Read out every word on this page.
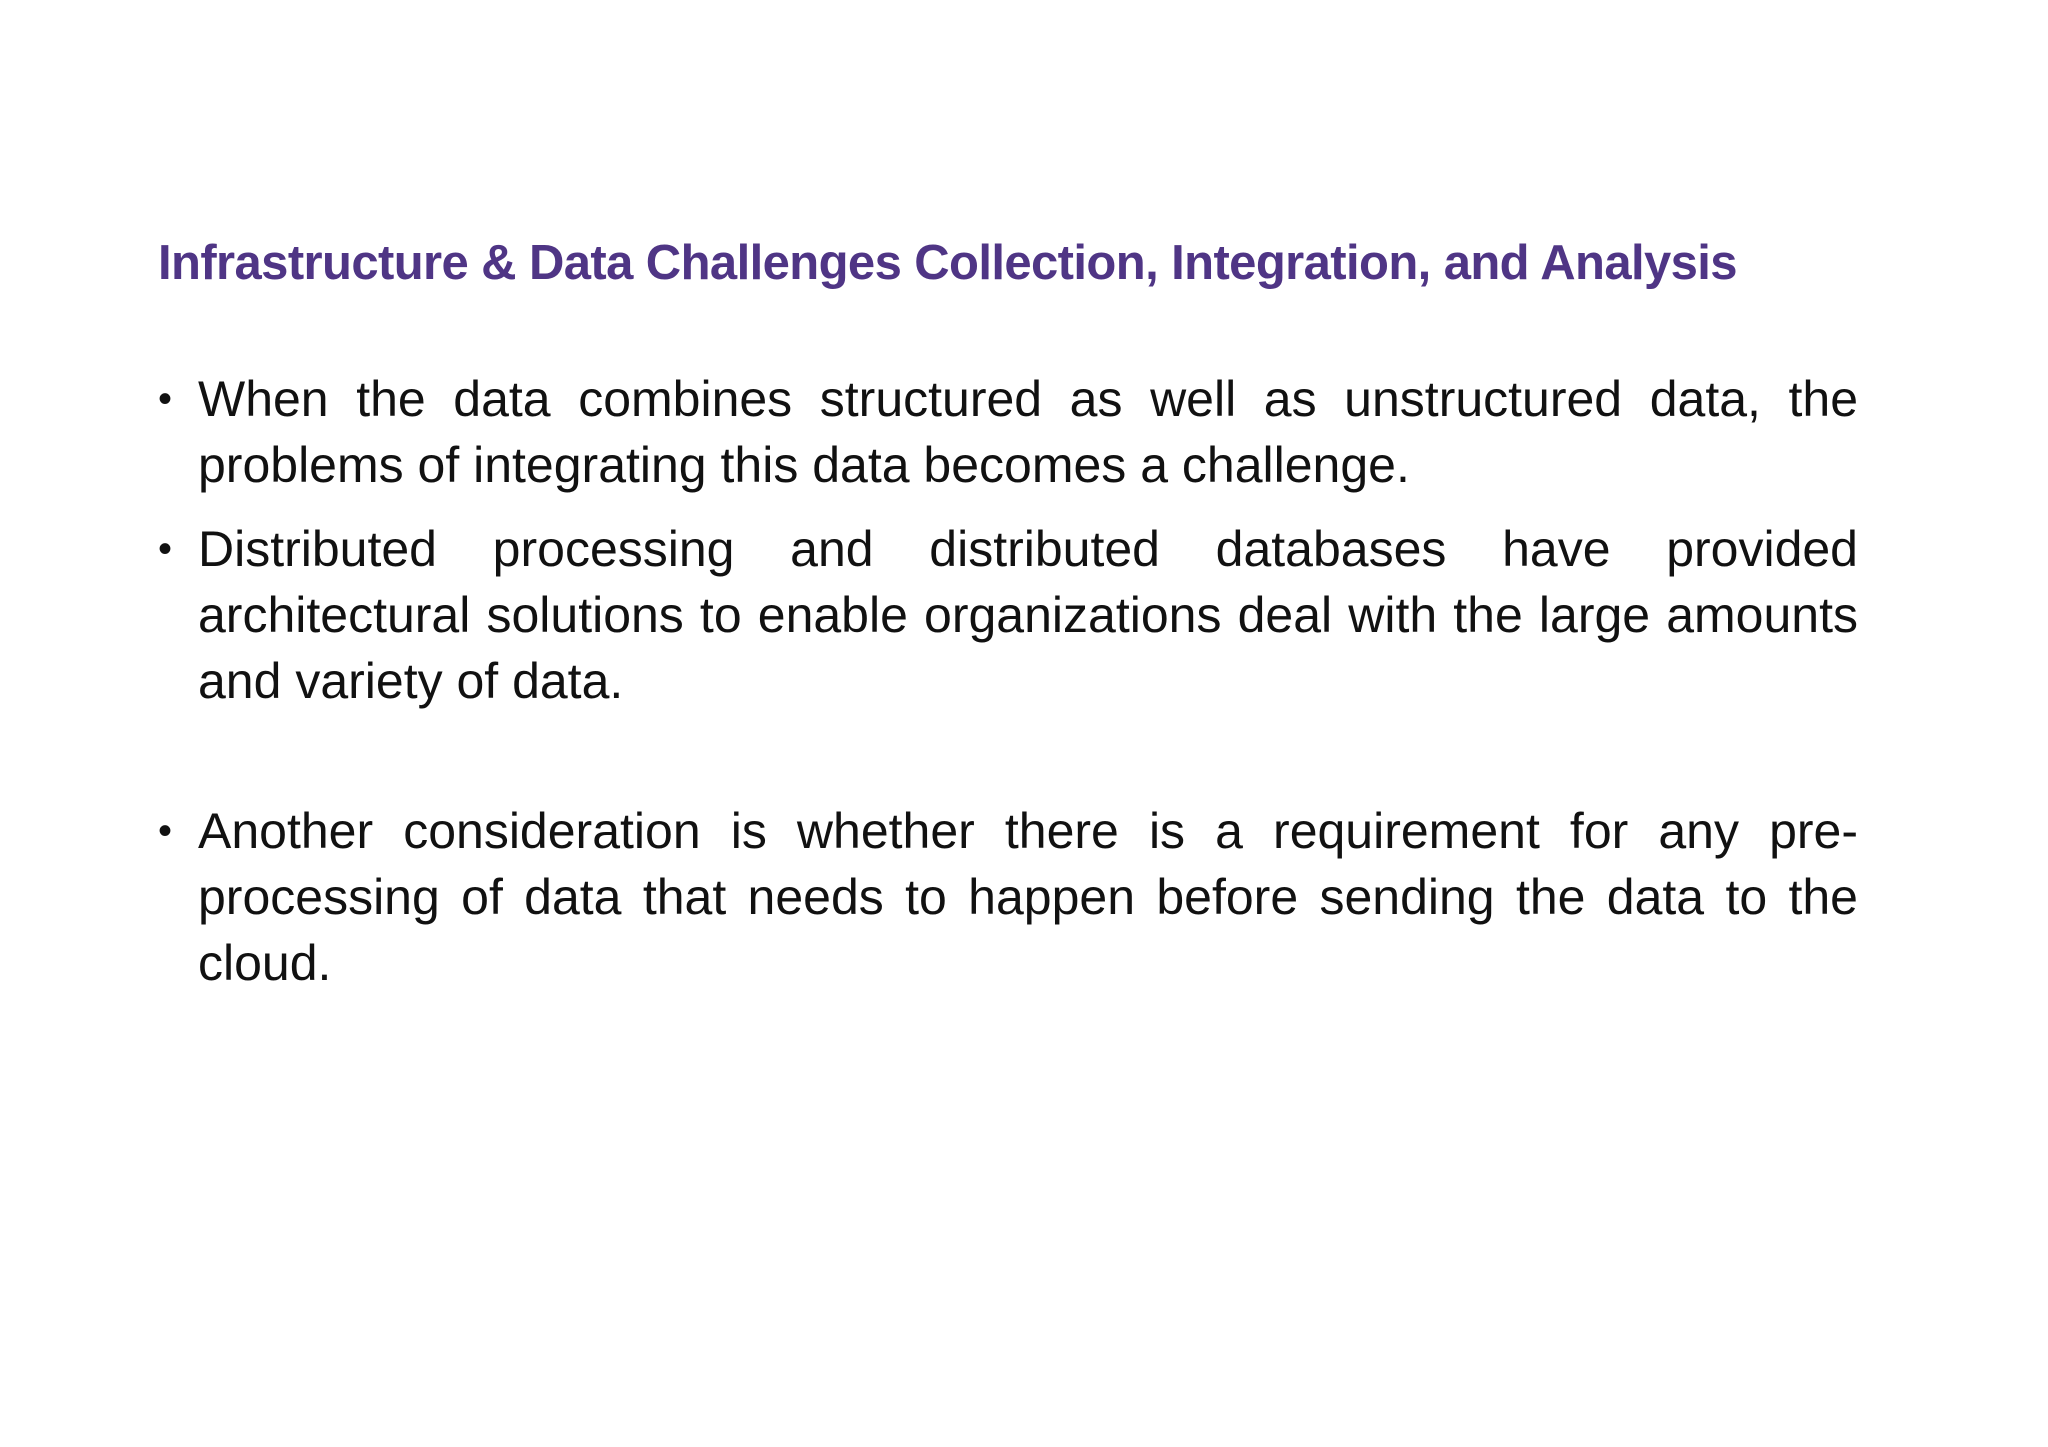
Infrastructure & Data Challenges Collection, Integration, and Analysis
• When the data combines structured as well as unstructured data, the problems of integrating this data becomes a challenge.
• Distributed processing and distributed databases have provided architectural solutions to enable organizations deal with the large amounts and variety of data.
• Another consideration is whether there is a requirement for any pre-processing of data that needs to happen before sending the data to the cloud.
